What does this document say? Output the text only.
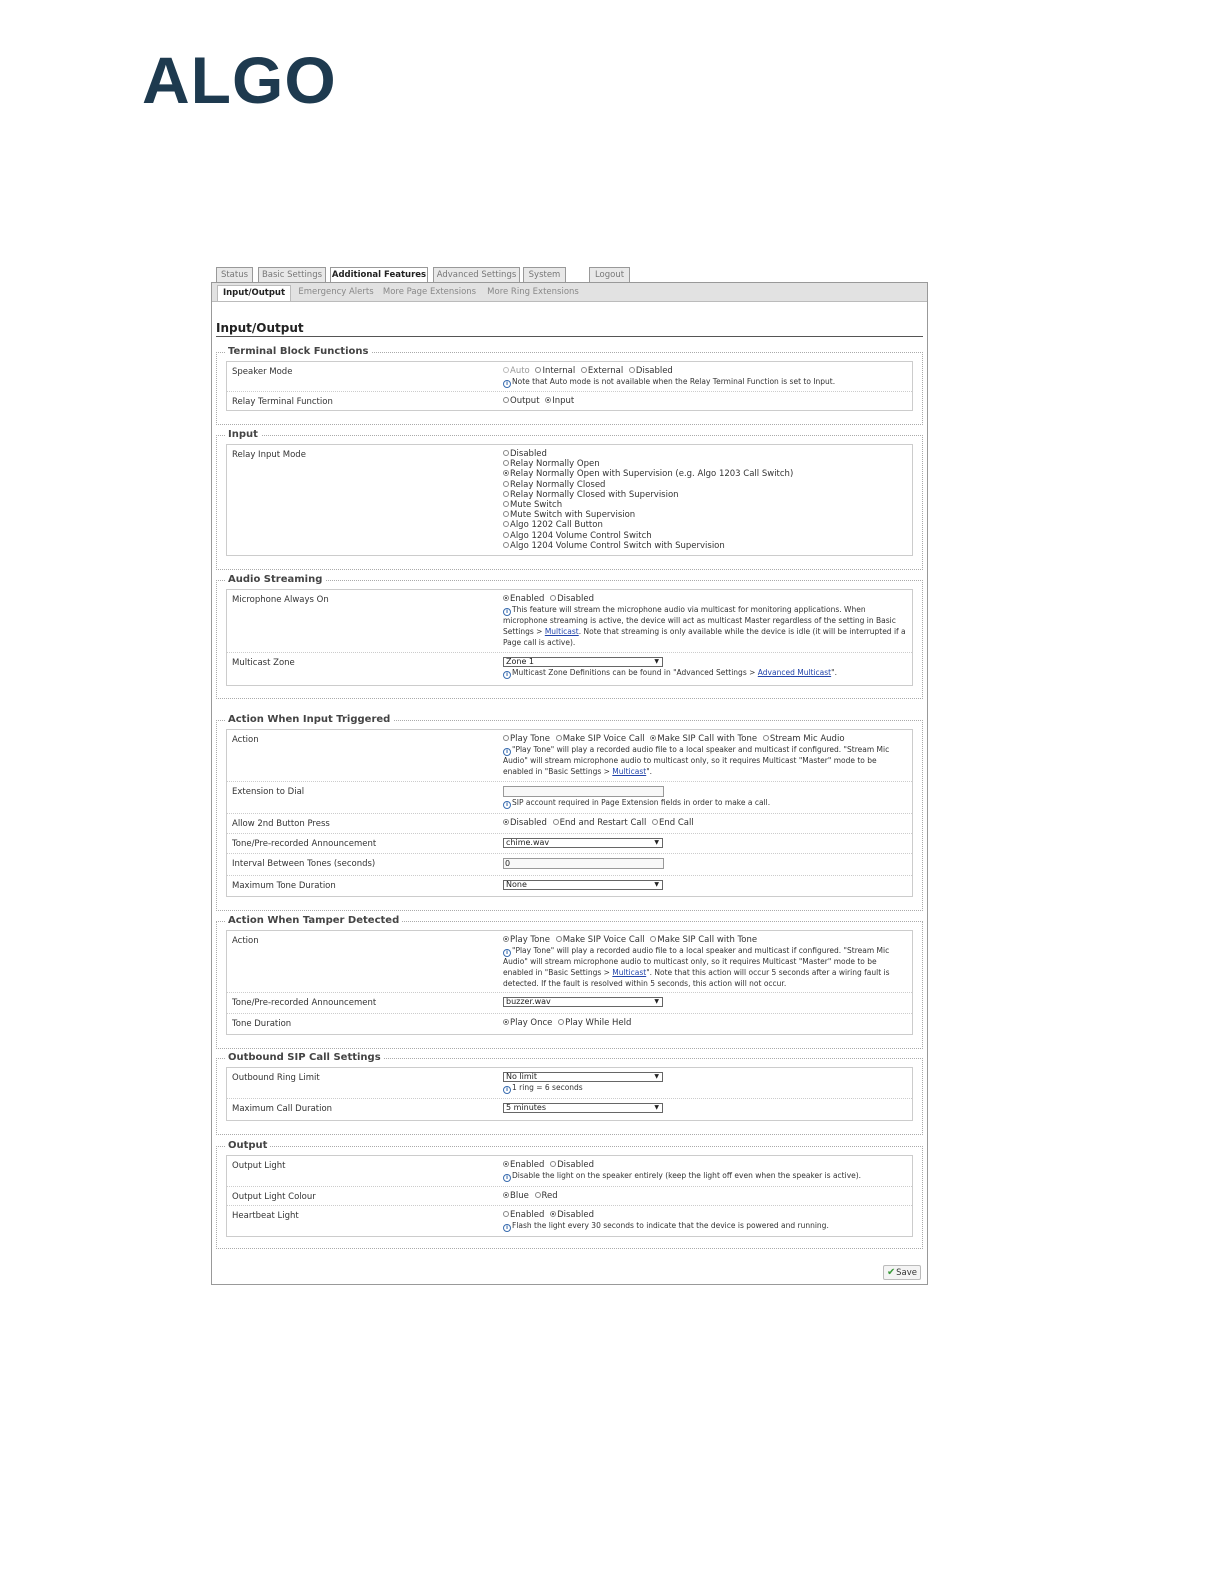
ALGO
Status	Basic Settings	Additional Features	Advanced Settings	System	Logout
Input/Output	Emergency Alerts More Page Extensions More Ring Extensions
Input/Output
Terminal Block Functions
Speaker Mode	Auto Internal External Disabled
i Note that Auto mode is not available when the Relay Terminal Function is set to Input.
Relay Terminal Function	Output Input
Input
Relay Input Mode	Disabled
Relay Normally Open
Relay Normally Open with Supervision (e.g. Algo 1203 Call Switch)
Relay Normally Closed
Relay Normally Closed with Supervision
Mute Switch
Mute Switch with Supervision
Algo 1202 Call Button
Algo 1204 Volume Control Switch
Algo 1204 Volume Control Switch with Supervision
Audio Streaming
Microphone Always On	Enabled Disabled
i This feature will stream the microphone audio via multicast for monitoring applications. When microphone streaming is active, the device will act as multicast Master regardless of the setting in Basic Settings > Multicast. Note that streaming is only available while the device is idle (it will be interrupted if a Page call is active).
Multicast Zone	Zone 1	▼
i Multicast Zone Definitions can be found in "Advanced Settings > Advanced Multicast".
Action When Input Triggered
Action	Play Tone Make SIP Voice Call Make SIP Call with Tone Stream Mic Audio
i "Play Tone" will play a recorded audio file to a local speaker and multicast if configured. "Stream Mic Audio" will stream microphone audio to multicast only, so it requires Multicast "Master" mode to be enabled in "Basic Settings > Multicast".
Extension to Dial
i SIP account required in Page Extension fields in order to make a call.
Allow 2nd Button Press	Disabled End and Restart Call End Call
Tone/Pre-recorded Announcement	chime.wav	▼
Interval Between Tones (seconds)	0
Maximum Tone Duration	None	▼
Action When Tamper Detected
Action	Play Tone Make SIP Voice Call Make SIP Call with Tone
i "Play Tone" will play a recorded audio file to a local speaker and multicast if configured. "Stream Mic Audio" will stream microphone audio to multicast only, so it requires Multicast "Master" mode to be enabled in "Basic Settings > Multicast". Note that this action will occur 5 seconds after a wiring fault is detected. If the fault is resolved within 5 seconds, this action will not occur.
Tone/Pre-recorded Announcement	buzzer.wav	▼
Tone Duration	Play Once Play While Held
Outbound SIP Call Settings
Outbound Ring Limit	No limit	▼
i 1 ring = 6 seconds
Maximum Call Duration	5 minutes	▼
Output
Output Light	Enabled Disabled
i Disable the light on the speaker entirely (keep the light off even when the speaker is active).
Output Light Colour	Blue Red
Heartbeat Light	Enabled Disabled
i Flash the light every 30 seconds to indicate that the device is powered and running.
✔ Save
